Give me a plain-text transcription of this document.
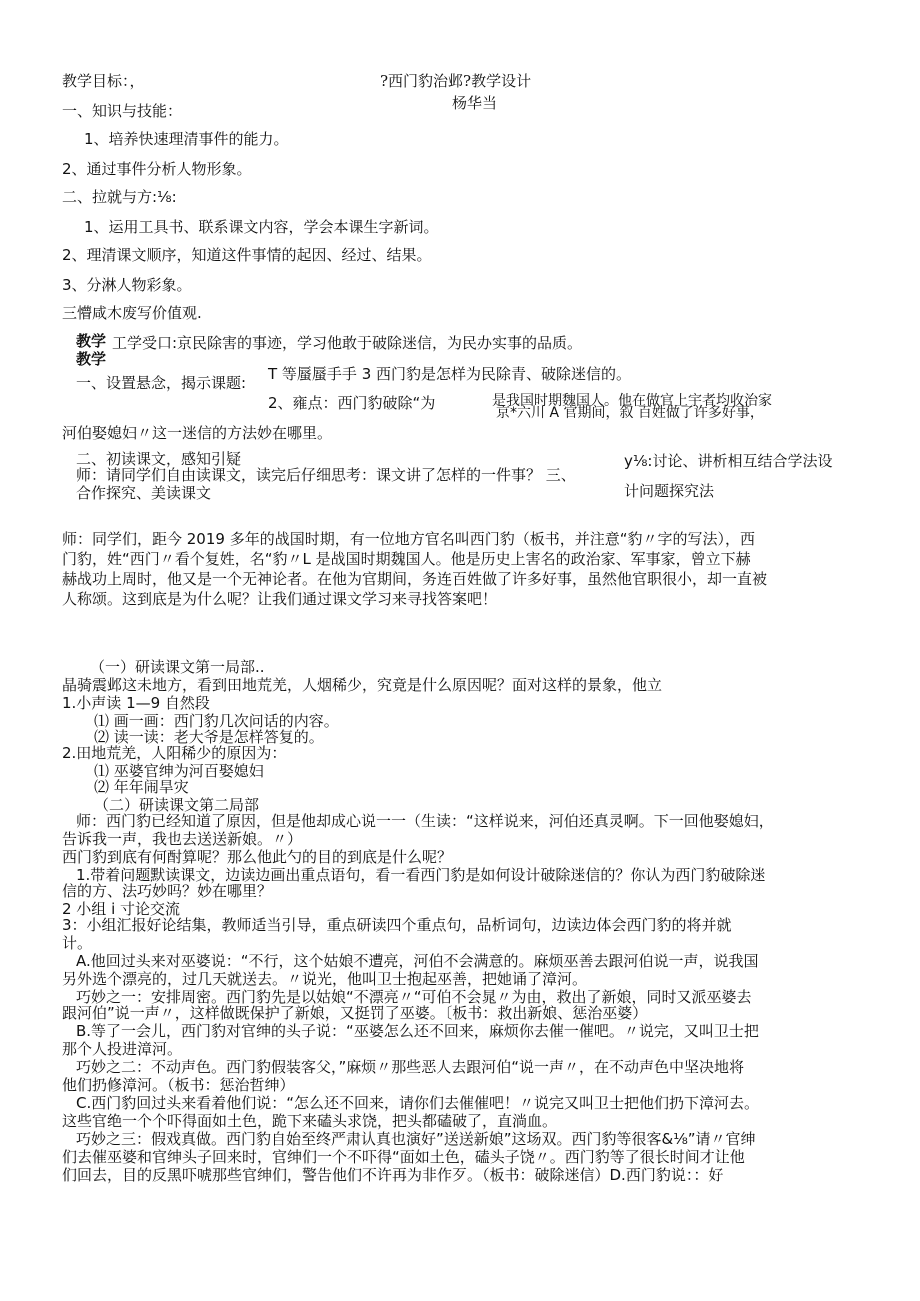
教学目标：，	?西门豹治邺?教学设计
杨华当
一、知识与技能：
1、培养快速理清事件的能力。
2、通过事件分析人物形象。
二、拉就与方:⅛:
1、运用工具书、联系课文内容，学会本课生字新词。
2、理清课文顺序，知道这件事情的起因、经过、结果。
3、分淋人物彩象。
三懵咸木废写价值观.
教学 工学受口:京民除害的事迹，学习他敢于破除迷信，为民办实事的品质。
教学
一、设置悬念，揭示课题: T 等蜃蜃手手 3 西门豹是怎样为民除青、破除迷信的。
2、雍点：西门豹破除“为	是我国时期魏国人。他在做官上宇者均收治家
京*六川 A 官期间，叙 百姓做了许多好事，
河伯娶媳妇〃这一迷信的方法妙在哪里。
二、初读课文，感知引疑	y⅛:讨论、讲析相互结合学法设
师：请同学们自由读课文，读完后仔细思考：课文讲了怎样的一件事？ 三、
合作探究、美读课文	计问题探究法
师：同学们，距今 2019 多年的战国时期，有一位地方官名叫西门豹（板书，并注意“豹〃字的写法），西
门豹，姓“西门〃看个复姓，名“豹〃L 是战国时期魏国人。他是历史上害名的政治家、军事家，曾立下赫
赫战功上周时，他又是一个无神论者。在他为官期间，务连百姓做了许多好事，虽然他官职很小，却一直被
人称颂。这到底是为什么呢？让我们通过课文学习来寻找答案吧！
（一）研读课文第一局部..
晶骑震邺这未地方，看到田地荒羌，人烟稀少，究竟是什么原因呢？面对这样的景象，他立
1.小声读 1—9 自然段
⑴ 画一画：西门豹几次问话的内容。
⑵ 读一读：老大爷是怎样答复的。
2.田地荒羌，人阳稀少的原因为：
⑴ 巫婆官绅为河百娶媳妇
⑵ 年年闹旱灾
（二）研读课文第二局部
师：西门豹已经知道了原因，但是他却成心说一一（生读：“这样说来，河伯还真灵啊。下一回他娶媳妇，
告诉我一声，我也去送送新娘。〃）
西门豹到底有何酎算呢？那么他此勺的目的到底是什么呢？
1.带着问题默读课文，边读边画出重点语句，看一看西门豹是如何设计破除迷信的？你认为西门豹破除迷
信的方、法巧妙吗？妙在哪里？
2 小组 i 寸论交流
3：小组汇报好论结集，教师适当引导，重点研读四个重点句，品析词句，边读边体会西门豹的将并就
计。
A.他回过头来对巫婆说：“不行，这个姑娘不遭亮，河伯不会满意的。麻烦巫善去跟河伯说一声，说我国
另外选个漂亮的，过几天就送去。〃说光，他叫卫士抱起巫善，把她诵了漳河。
巧妙之一：安排周密。西门豹先是以姑娘“不漂亮〃“可伯不会晁〃为由，救出了新娘，同时又派巫婆去
跟河伯”说一声〃，这样做既保护了新娘，又挺罚了巫婆。〔板书：救出新娘、惩治巫婆）
B.等了一会儿，西门豹对官绅的头子说：“巫婆怎么还不回来，麻烦你去催一催吧。〃说完，又叫卫士把
那个人投进漳河。
巧妙之二：不动声色。西门豹假装客父，”麻烦〃那些恶人去跟河伯“说一声〃，在不动声色中坚决地将
他们扔修漳河。（板书：惩治哲绅）
C.西门豹回过头来看着他们说：“怎么还不回来，请你们去催催吧！〃说完又叫卫士把他们扔下漳河去。
这些官绝一个个吓得面如土色，跪下来磕头求饶，把头都磕破了，直淌血。
巧妙之三：假戏真做。西门豹自始至终严肃认真也演好”送送新娘”这场双。西门豹等很客&⅛”请〃官绅
们去催巫婆和官绅头子回来时，官绅们一个不吓得“面如土色，磕头子饶〃。西门豹等了很长时间才让他
们回去，目的反黑吓唬那些官绅们，警告他们不许再为非作歹。（板书：破除迷信）D.西门豹说：：好
